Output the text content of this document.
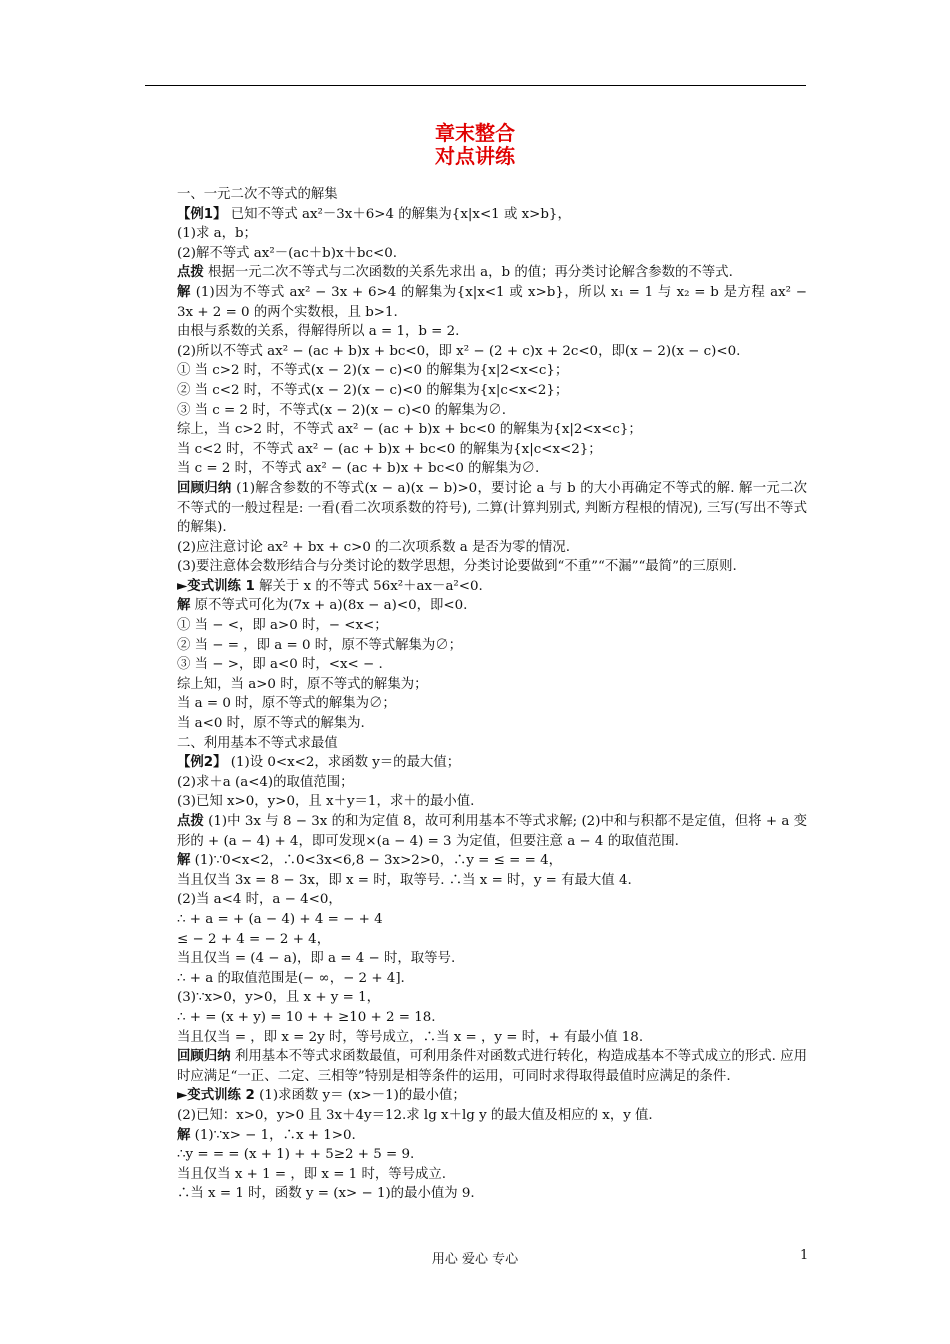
章末整合
对点讲练

一、一元二次不等式的解集

【例1】 已知不等式 ax²－3x＋6>4 的解集为{x|x<1 或 x>b}，

(1)求 a，b；

(2)解不等式 ax²－(ac＋b)x＋bc<0.

点拨 根据一元二次不等式与二次函数的关系先求出 a，b 的值；再分类讨论解含参数的不等式.

解 (1)因为不等式 ax² − 3x + 6>4 的解集为{x|x<1 或 x>b}，所以 x₁ = 1 与 x₂ = b 是方程 ax² − 3x + 2 = 0 的两个实数根，且 b>1.

由根与系数的关系，得解得所以 a = 1，b = 2.

(2)所以不等式 ax² − (ac + b)x + bc<0，即 x² − (2 + c)x + 2c<0，即(x − 2)(x − c)<0.

① 当 c>2 时，不等式(x − 2)(x − c)<0 的解集为{x|2<x<c}；

② 当 c<2 时，不等式(x − 2)(x − c)<0 的解集为{x|c<x<2}；

③ 当 c = 2 时，不等式(x − 2)(x − c)<0 的解集为∅.

综上，当 c>2 时，不等式 ax² − (ac + b)x + bc<0 的解集为{x|2<x<c}；

当 c<2 时，不等式 ax² − (ac + b)x + bc<0 的解集为{x|c<x<2}；

当 c = 2 时，不等式 ax² − (ac + b)x + bc<0 的解集为∅.

回顾归纳 (1)解含参数的不等式(x − a)(x − b)>0，要讨论 a 与 b 的大小再确定不等式的解. 解一元二次不等式的一般过程是: 一看(看二次项系数的符号), 二算(计算判别式, 判断方程根的情况), 三写(写出不等式的解集).

(2)应注意讨论 ax² + bx + c>0 的二次项系数 a 是否为零的情况.

(3)要注意体会数形结合与分类讨论的数学思想，分类讨论要做到“不重”“不漏”“最简”的三原则.

►变式训练 1 解关于 x 的不等式 56x²＋ax－a²<0.

解 原不等式可化为(7x + a)(8x − a)<0，即<0.

① 当 − <，即 a>0 时，− <x<；

② 当 − = ，即 a = 0 时，原不等式解集为∅；

③ 当 − >，即 a<0 时，<x< − .

综上知，当 a>0 时，原不等式的解集为；

当 a = 0 时，原不等式的解集为∅；

当 a<0 时，原不等式的解集为.

二、利用基本不等式求最值

【例2】 (1)设 0<x<2，求函数 y＝的最大值；

(2)求＋a (a<4)的取值范围；

(3)已知 x>0，y>0，且 x＋y＝1，求＋的最小值.

点拨 (1)中 3x 与 8 − 3x 的和为定值 8，故可利用基本不等式求解; (2)中和与积都不是定值，但将 + a 变形的 + (a − 4) + 4，即可发现×(a − 4) = 3 为定值，但要注意 a − 4 的取值范围.

解 (1)∵0<x<2，∴0<3x<6,8 − 3x>2>0，∴y = ≤ = = 4，

当且仅当 3x = 8 − 3x，即 x = 时，取等号. ∴当 x = 时，y = 有最大值 4.

(2)当 a<4 时，a − 4<0，

∴ + a = + (a − 4) + 4 = − + 4

≤ − 2 + 4 = − 2 + 4，

当且仅当 = (4 − a)，即 a = 4 − 时，取等号.

∴ + a 的取值范围是(− ∞，− 2 + 4].

(3)∵x>0，y>0，且 x + y = 1，

∴ + = (x + y) = 10 + + ≥10 + 2 = 18.

当且仅当 = ，即 x = 2y 时，等号成立，∴当 x = ，y = 时，+ 有最小值 18.

回顾归纳 利用基本不等式求函数最值，可利用条件对函数式进行转化，构造成基本不等式成立的形式. 应用时应满足“一正、二定、三相等”特别是相等条件的运用，可同时求得取得最值时应满足的条件.

►变式训练 2 (1)求函数 y＝ (x>－1)的最小值；

(2)已知：x>0，y>0 且 3x＋4y＝12.求 lg x＋lg y 的最大值及相应的 x，y 值.

解 (1)∵x> − 1，∴x + 1>0.

∴y = = = (x + 1) + + 5≥2 + 5 = 9.

当且仅当 x + 1 = ，即 x = 1 时，等号成立.

∴当 x = 1 时，函数 y = (x> − 1)的最小值为 9.

用心 爱心 专心	1
